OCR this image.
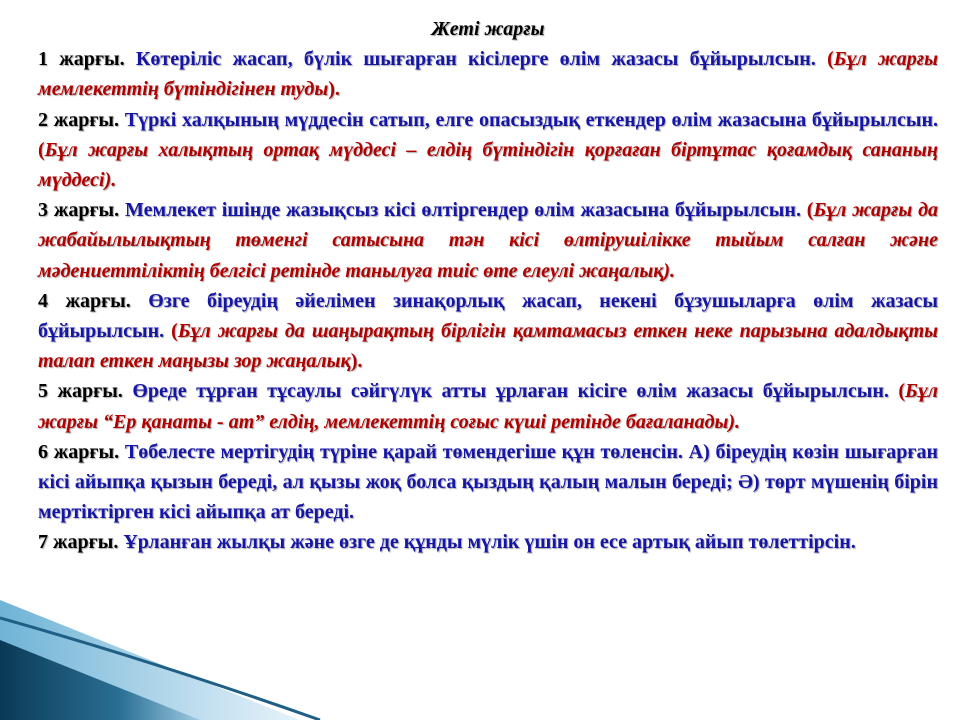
Жеті жарғы

1 жарғы. Көтеріліс жасап, бүлік шығарған кісілерге өлім жазасы бұйырылсын. (Бұл жарғы мемлекеттің бүтіндігінен туды).

2 жарғы. Түркі халқының мүддесін сатып, елге опасыздық еткендер өлім жазасына бұйырылсын. (Бұл жарғы халықтың ортақ мүддесі – елдің бүтіндігін қорғаған біртұтас қоғамдық сананың мүддесі).

3 жарғы. Мемлекет ішінде жазықсыз кісі өлтіргендер өлім жазасына бұйырылсын. (Бұл жарғы да жабайылылықтың төменгі сатысына тән кісі өлтірушілікке тыйым салған және мәдениеттіліктің белгісі ретінде танылуға тиіс өте елеулі жаңалық).

4 жарғы. Өзге біреудің әйелімен зинақорлық жасап, некені бұзушыларға өлім жазасы бұйырылсын. (Бұл жарғы да шаңырақтың бірлігін қамтамасыз еткен неке парызына адалдықты талап еткен маңызы зор жаңалық).

5 жарғы. Өреде тұрған тұсаулы сәйгүлүк атты ұрлаған кісіге өлім жазасы бұйырылсын. (Бұл жарғы “Ер қанаты - ат” елдің, мемлекеттің соғыс күші ретінде бағаланады).

6 жарғы. Төбелесте мертігудің түріне қарай төмендегіше құн төленсін. А) біреудің көзін шығарған кісі айыпқа қызын береді, ал қызы жоқ болса қыздың қалың малын береді; Ә) төрт мүшенің бірін мертіктірген кісі айыпқа ат береді.

7 жарғы. Ұрланған жылқы және өзге де құнды мүлік үшін он есе артық айып төлеттірсін.
